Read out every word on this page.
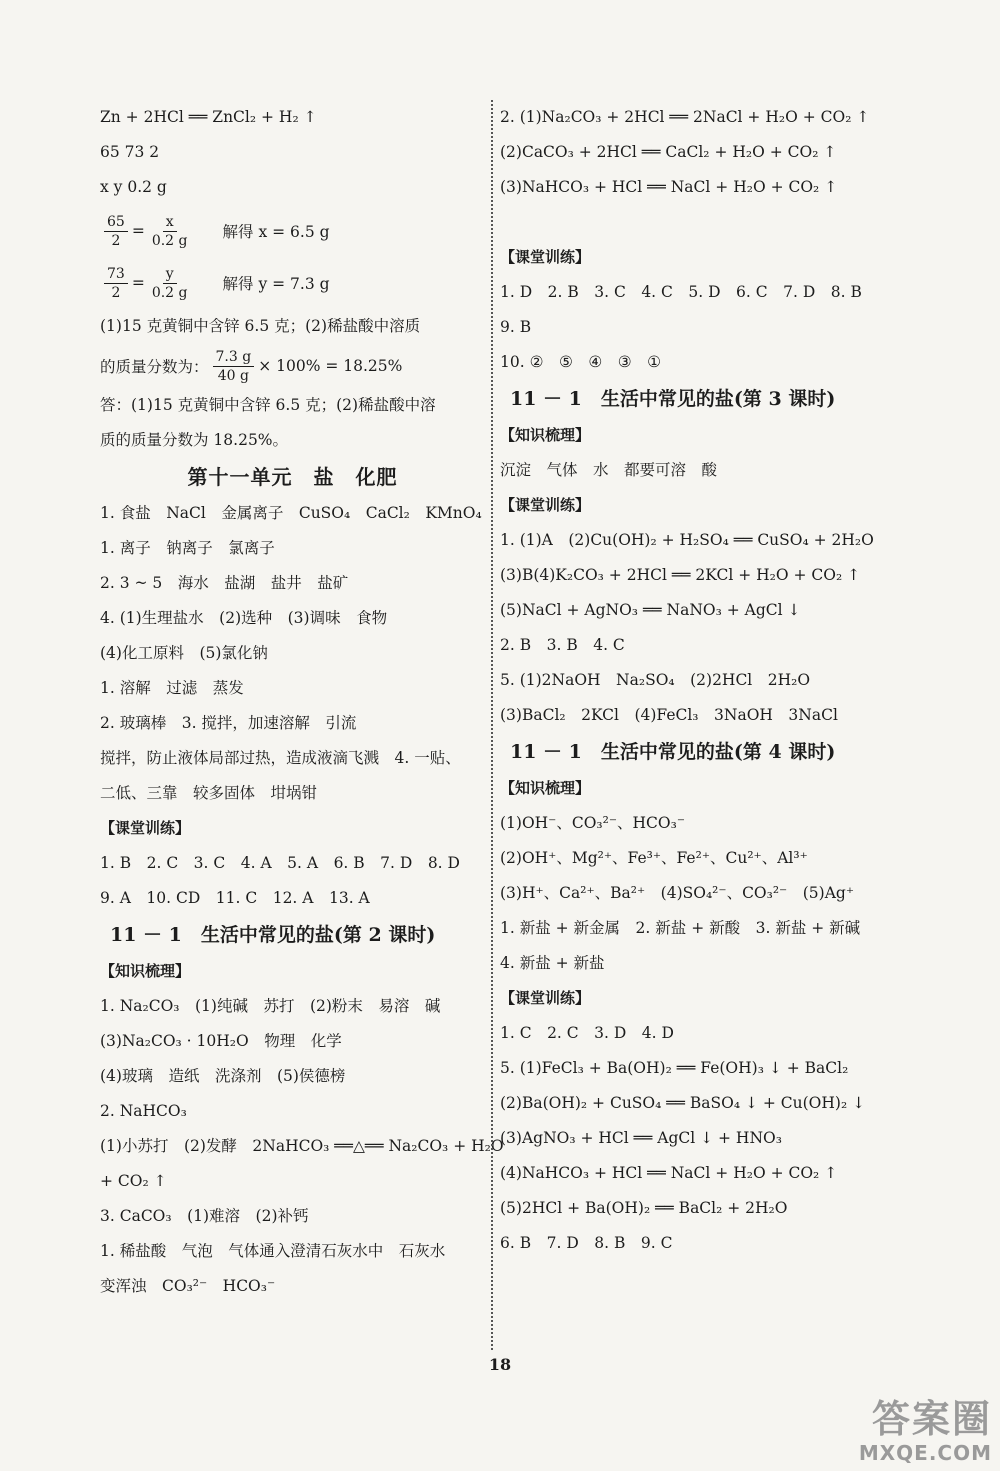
Zn + 2HCl ══ ZnCl₂ + H₂ ↑
65 73 2
x y 0.2 g
$\frac{65}{2} = \frac{x}{0.2 g}$ 解得 x = 6.5 g
$\frac{73}{2} = \frac{y}{0.2 g}$ 解得 y = 7.3 g
(1)15 克黄铜中含锌 6.5 克；(2)稀盐酸中溶质
的质量分数为： $\frac{7.3 g}{40 g} \times 100\% = 18.25\%$
答：(1)15 克黄铜中含锌 6.5 克；(2)稀盐酸中溶
质的质量分数为 18.25%。
第十一单元　盐　化肥
1. 食盐　NaCl　金属离子　CuSO₄　CaCl₂　KMnO₄
1. 离子　钠离子　氯离子
2. 3 ~ 5　海水　盐湖　盐井　盐矿
4. (1)生理盐水　(2)选种　(3)调味　食物
(4)化工原料　(5)氯化钠
1. 溶解　过滤　蒸发
2. 玻璃棒　3. 搅拌，加速溶解　引流
搅拌，防止液体局部过热，造成液滴飞溅　4. 一贴、
二低、三靠　较多固体　坩埚钳
【课堂训练】
1. B　2. C　3. C　4. A　5. A　6. B　7. D　8. D
9. A　10. CD　11. C　12. A　13. A
11 － 1　生活中常见的盐(第 2 课时)
【知识梳理】
1. Na₂CO₃　(1)纯碱　苏打　(2)粉末　易溶　碱
(3)Na₂CO₃ · 10H₂O　物理　化学
(4)玻璃　造纸　洗涤剂　(5)侯德榜
2. NaHCO₃
(1)小苏打　(2)发酵　2NaHCO₃ ══△══ Na₂CO₃ + H₂O
+ CO₂ ↑
3. CaCO₃　(1)难溶　(2)补钙
1. 稀盐酸　气泡　气体通入澄清石灰水中　石灰水
变浑浊　CO₃²⁻　HCO₃⁻
2. (1)Na₂CO₃ + 2HCl ══ 2NaCl + H₂O + CO₂ ↑
(2)CaCO₃ + 2HCl ══ CaCl₂ + H₂O + CO₂ ↑
(3)NaHCO₃ + HCl ══ NaCl + H₂O + CO₂ ↑
【课堂训练】
1. D　2. B　3. C　4. C　5. D　6. C　7. D　8. B
9. B
10. ②　⑤　④　③　①
11 － 1　生活中常见的盐(第 3 课时)
【知识梳理】
沉淀　气体　水　都要可溶　酸
【课堂训练】
1. (1)A　(2)Cu(OH)₂ + H₂SO₄ ══ CuSO₄ + 2H₂O
(3)B(4)K₂CO₃ + 2HCl ══ 2KCl + H₂O + CO₂ ↑
(5)NaCl + AgNO₃ ══ NaNO₃ + AgCl ↓
2. B　3. B　4. C
5. (1)2NaOH　Na₂SO₄　(2)2HCl　2H₂O
(3)BaCl₂　2KCl　(4)FeCl₃　3NaOH　3NaCl
11 － 1　生活中常见的盐(第 4 课时)
【知识梳理】
(1)OH⁻、CO₃²⁻、HCO₃⁻
(2)OH⁺、Mg²⁺、Fe³⁺、Fe²⁺、Cu²⁺、Al³⁺
(3)H⁺、Ca²⁺、Ba²⁺　(4)SO₄²⁻、CO₃²⁻　(5)Ag⁺
1. 新盐 + 新金属　2. 新盐 + 新酸　3. 新盐 + 新碱
4. 新盐 + 新盐
【课堂训练】
1. C　2. C　3. D　4. D
5. (1)FeCl₃ + Ba(OH)₂ ══ Fe(OH)₃ ↓ + BaCl₂
(2)Ba(OH)₂ + CuSO₄ ══ BaSO₄ ↓ + Cu(OH)₂ ↓
(3)AgNO₃ + HCl ══ AgCl ↓ + HNO₃
(4)NaHCO₃ + HCl ══ NaCl + H₂O + CO₂ ↑
(5)2HCl + Ba(OH)₂ ══ BaCl₂ + 2H₂O
6. B　7. D　8. B　9. C
18
答案圈
MXQE.COM
